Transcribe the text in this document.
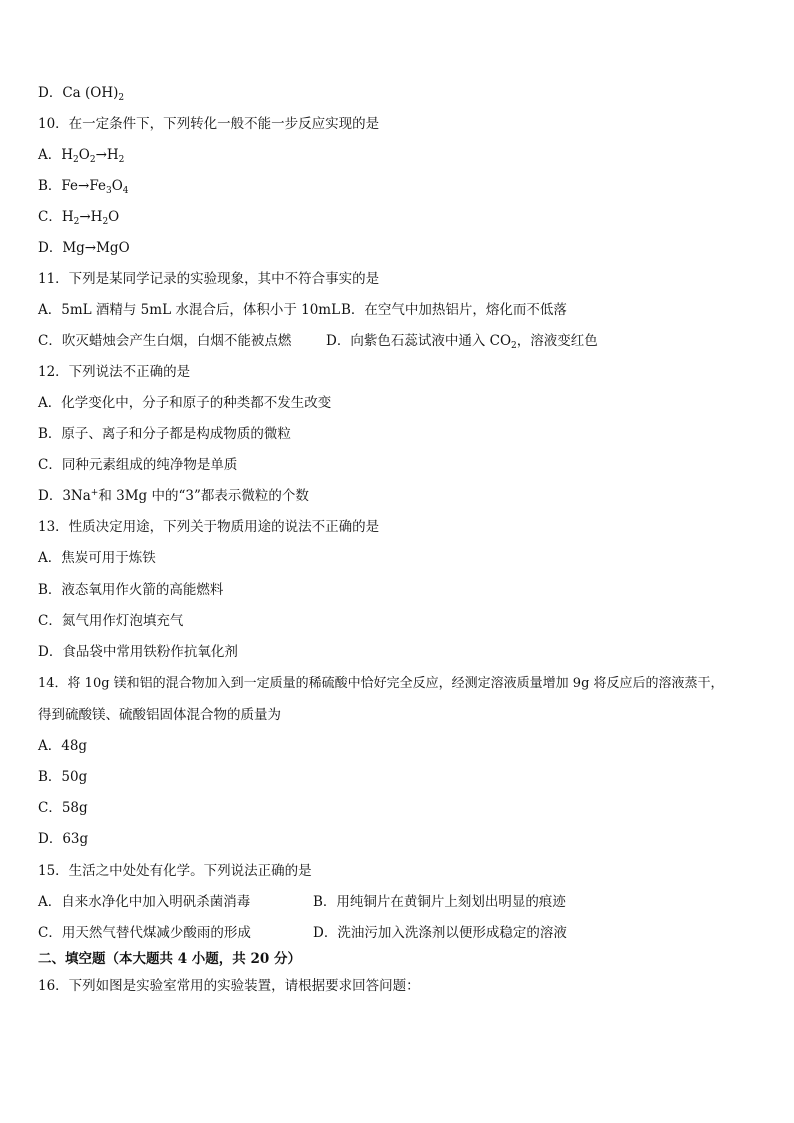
D．Ca $(OH)_2$
10．在一定条件下，下列转化一般不能一步反应实现的是
A．$H_2O_2\to H_2$
B．$Fe\to Fe_3O_4$
C．$H_2\to H_2O$
D．Mg→MgO
11．下列是某同学记录的实验现象，其中不符合事实的是
A．5mL 酒精与 5mL 水混合后，体积小于 10mL B．在空气中加热铝片，熔化而不低落
C．吹灭蜡烛会产生白烟，白烟不能被点燃	D．向紫色石蕊试液中通入 $CO_2$，溶液变红色
12．下列说法不正确的是
A．化学变化中，分子和原子的种类都不发生改变
B．原子、离子和分子都是构成物质的微粒
C．同种元素组成的纯净物是单质
D．3Na+和 3Mg 中的“3”都表示微粒的个数
13．性质决定用途，下列关于物质用途的说法不正确的是
A．焦炭可用于炼铁
B．液态氧用作火箭的高能燃料
C．氮气用作灯泡填充气
D．食品袋中常用铁粉作抗氧化剂
14．将 10g 镁和铝的混合物加入到一定质量的稀硫酸中恰好完全反应，经测定溶液质量增加 9g 将反应后的溶液蒸干，
得到硫酸镁、硫酸铝固体混合物的质量为
A．48g
B．50g
C．58g
D．63g
15．生活之中处处有化学。下列说法正确的是
A．自来水净化中加入明矾杀菌消毒	B．用纯铜片在黄铜片上刻划出明显的痕迹
C．用天然气替代煤减少酸雨的形成	D．洗油污加入洗涤剂以便形成稳定的溶液
二、填空题（本大题共 4 小题，共 20 分）
16．下列如图是实验室常用的实验装置，请根据要求回答问题：
